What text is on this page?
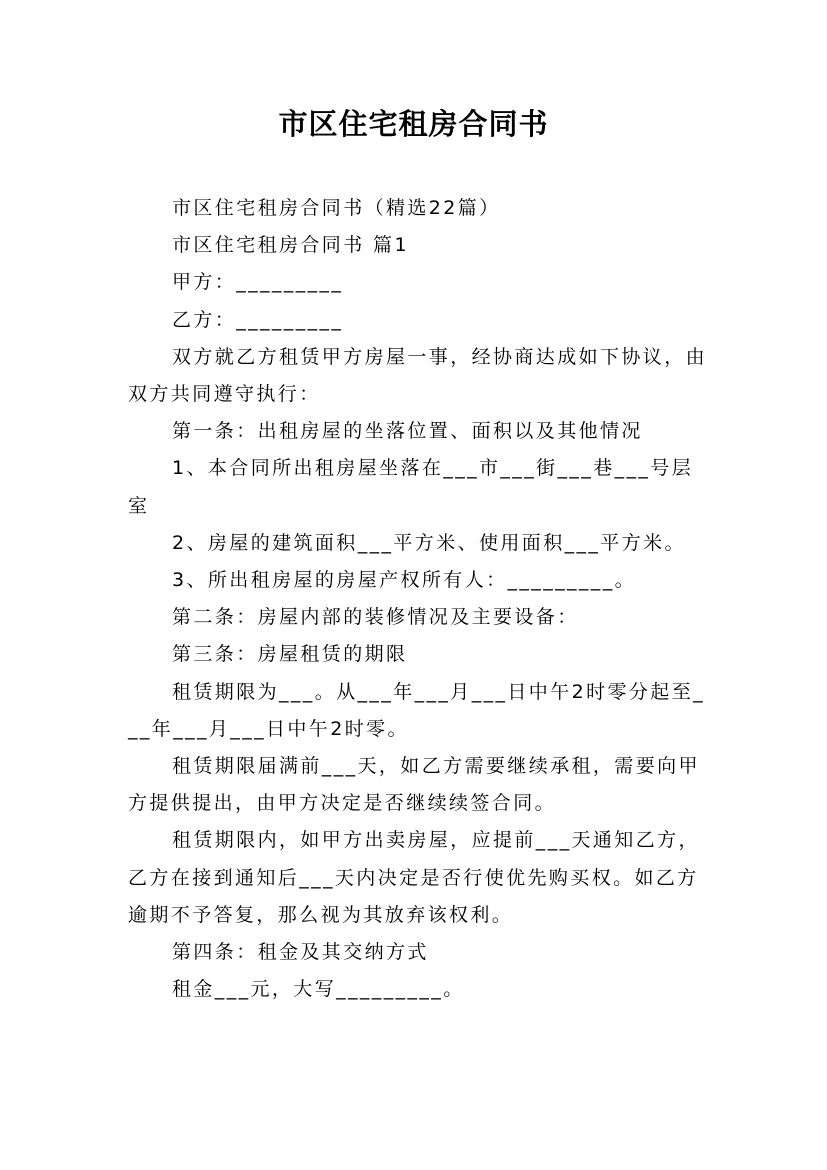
市区住宅租房合同书

市区住宅租房合同书（精选22篇）

市区住宅租房合同书 篇1

甲方：_________

乙方：_________

双方就乙方租赁甲方房屋一事，经协商达成如下协议，由双方共同遵守执行：

第一条：出租房屋的坐落位置、面积以及其他情况

1、本合同所出租房屋坐落在___市___街___巷___号层室

2、房屋的建筑面积___平方米、使用面积___平方米。

3、所出租房屋的房屋产权所有人：_________。

第二条：房屋内部的装修情况及主要设备：

第三条：房屋租赁的期限

租赁期限为___。从___年___月___日中午2时零分起至___年___月___日中午2时零。

租赁期限届满前___天，如乙方需要继续承租，需要向甲方提供提出，由甲方决定是否继续续签合同。

租赁期限内，如甲方出卖房屋，应提前___天通知乙方，乙方在接到通知后___天内决定是否行使优先购买权。如乙方逾期不予答复，那么视为其放弃该权利。

第四条：租金及其交纳方式

租金___元，大写_________。
